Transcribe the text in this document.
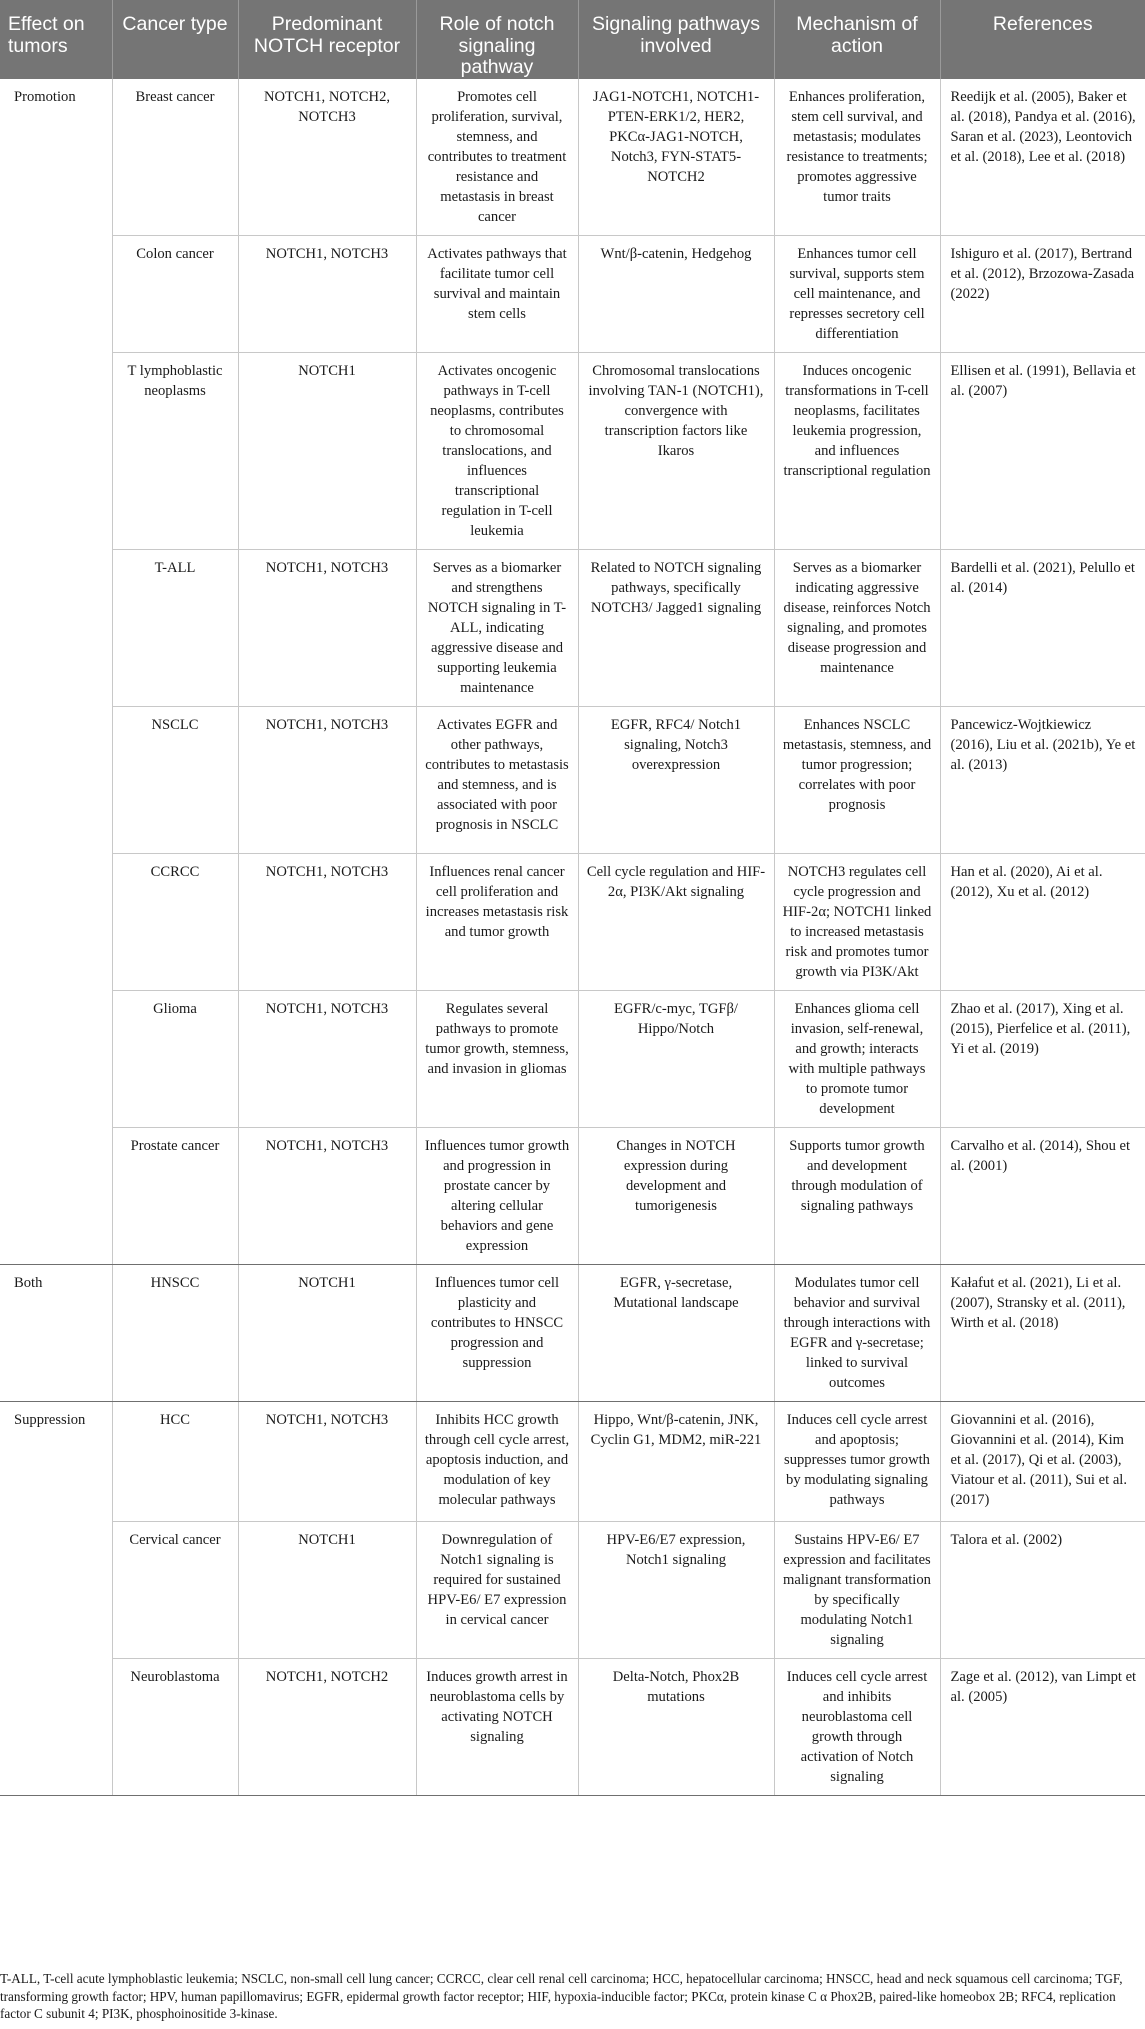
Effect on tumors	Cancer type	Predominant NOTCH receptor	Role of notch signaling pathway	Signaling pathways involved	Mechanism of action	References
Promotion	Breast cancer	NOTCH1, NOTCH2, NOTCH3	Promotes cell proliferation, survival, stemness, and contributes to treatment resistance and metastasis in breast cancer	JAG1-NOTCH1, NOTCH1-PTEN-ERK1/2, HER2, PKCα-JAG1-NOTCH, Notch3, FYN-STAT5-NOTCH2	Enhances proliferation, stem cell survival, and metastasis; modulates resistance to treatments; promotes aggressive tumor traits	Reedijk et al. (2005), Baker et al. (2018), Pandya et al. (2016), Saran et al. (2023), Leontovich et al. (2018), Lee et al. (2018)
	Colon cancer	NOTCH1, NOTCH3	Activates pathways that facilitate tumor cell survival and maintain stem cells	Wnt/β-catenin, Hedgehog	Enhances tumor cell survival, supports stem cell maintenance, and represses secretory cell differentiation	Ishiguro et al. (2017), Bertrand et al. (2012), Brzozowa-Zasada (2022)
	T lymphoblastic neoplasms	NOTCH1	Activates oncogenic pathways in T-cell neoplasms, contributes to chromosomal translocations, and influences transcriptional regulation in T-cell leukemia	Chromosomal translocations involving TAN-1 (NOTCH1), convergence with transcription factors like Ikaros	Induces oncogenic transformations in T-cell neoplasms, facilitates leukemia progression, and influences transcriptional regulation	Ellisen et al. (1991), Bellavia et al. (2007)
	T-ALL	NOTCH1, NOTCH3	Serves as a biomarker and strengthens NOTCH signaling in T-ALL, indicating aggressive disease and supporting leukemia maintenance	Related to NOTCH signaling pathways, specifically NOTCH3/ Jagged1 signaling	Serves as a biomarker indicating aggressive disease, reinforces Notch signaling, and promotes disease progression and maintenance	Bardelli et al. (2021), Pelullo et al. (2014)
	NSCLC	NOTCH1, NOTCH3	Activates EGFR and other pathways, contributes to metastasis and stemness, and is associated with poor prognosis in NSCLC	EGFR, RFC4/ Notch1 signaling, Notch3 overexpression	Enhances NSCLC metastasis, stemness, and tumor progression; correlates with poor prognosis	Pancewicz-Wojtkiewicz (2016), Liu et al. (2021b), Ye et al. (2013)
	CCRCC	NOTCH1, NOTCH3	Influences renal cancer cell proliferation and increases metastasis risk and tumor growth	Cell cycle regulation and HIF-2α, PI3K/Akt signaling	NOTCH3 regulates cell cycle progression and HIF-2α; NOTCH1 linked to increased metastasis risk and promotes tumor growth via PI3K/Akt	Han et al. (2020), Ai et al. (2012), Xu et al. (2012)
	Glioma	NOTCH1, NOTCH3	Regulates several pathways to promote tumor growth, stemness, and invasion in gliomas	EGFR/c-myc, TGFβ/ Hippo/Notch	Enhances glioma cell invasion, self-renewal, and growth; interacts with multiple pathways to promote tumor development	Zhao et al. (2017), Xing et al. (2015), Pierfelice et al. (2011), Yi et al. (2019)
	Prostate cancer	NOTCH1, NOTCH3	Influences tumor growth and progression in prostate cancer by altering cellular behaviors and gene expression	Changes in NOTCH expression during development and tumorigenesis	Supports tumor growth and development through modulation of signaling pathways	Carvalho et al. (2014), Shou et al. (2001)
Both	HNSCC	NOTCH1	Influences tumor cell plasticity and contributes to HNSCC progression and suppression	EGFR, γ-secretase, Mutational landscape	Modulates tumor cell behavior and survival through interactions with EGFR and γ-secretase; linked to survival outcomes	Kałafut et al. (2021), Li et al. (2007), Stransky et al. (2011), Wirth et al. (2018)
Suppression	HCC	NOTCH1, NOTCH3	Inhibits HCC growth through cell cycle arrest, apoptosis induction, and modulation of key molecular pathways	Hippo, Wnt/β-catenin, JNK, Cyclin G1, MDM2, miR-221	Induces cell cycle arrest and apoptosis; suppresses tumor growth by modulating signaling pathways	Giovannini et al. (2016), Giovannini et al. (2014), Kim et al. (2017), Qi et al. (2003), Viatour et al. (2011), Sui et al. (2017)
	Cervical cancer	NOTCH1	Downregulation of Notch1 signaling is required for sustained HPV-E6/ E7 expression in cervical cancer	HPV-E6/E7 expression, Notch1 signaling	Sustains HPV-E6/ E7 expression and facilitates malignant transformation by specifically modulating Notch1 signaling	Talora et al. (2002)
	Neuroblastoma	NOTCH1, NOTCH2	Induces growth arrest in neuroblastoma cells by activating NOTCH signaling	Delta-Notch, Phox2B mutations	Induces cell cycle arrest and inhibits neuroblastoma cell growth through activation of Notch signaling	Zage et al. (2012), van Limpt et al. (2005)

T-ALL, T-cell acute lymphoblastic leukemia; NSCLC, non-small cell lung cancer; CCRCC, clear cell renal cell carcinoma; HCC, hepatocellular carcinoma; HNSCC, head and neck squamous cell carcinoma; TGF, transforming growth factor; HPV, human papillomavirus; EGFR, epidermal growth factor receptor; HIF, hypoxia-inducible factor; PKCα, protein kinase C α Phox2B, paired-like homeobox 2B; RFC4, replication factor C subunit 4; PI3K, phosphoinositide 3-kinase.
